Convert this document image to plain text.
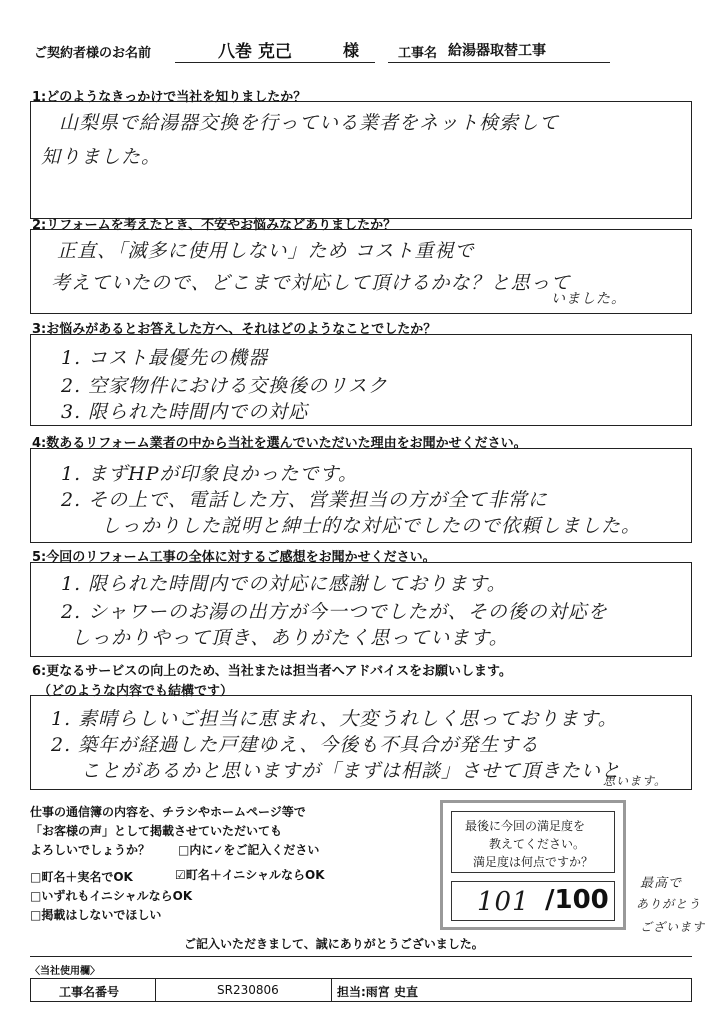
ご契約者様のお名前	八巻 克己	様	工事名 給湯器取替工事
1:どのようなきっかけで当社を知りましたか？
山梨県で給湯器交換を行っている業者をネット検索して
知りました。
2:リフォームを考えたとき、不安やお悩みなどありましたか？
正直、「滅多に使用しない」ため コスト重視で
考えていたので、どこまで対応して頂けるかな？と思って
いました。
3:お悩みがあるとお答えした方へ、それはどのようなことでしたか？
1. コスト最優先の機器
2. 空家物件における交換後のリスク
3. 限られた時間内での対応
4:数あるリフォーム業者の中から当社を選んでいただいた理由をお聞かせください。
1. まずHPが印象良かったです。
2. その上で、電話した方、営業担当の方が全て非常に
しっかりした説明と紳士的な対応でしたので依頼しました。
5:今回のリフォーム工事の全体に対するご感想をお聞かせください。
1. 限られた時間内での対応に感謝しております。
2. シャワーのお湯の出方が今一つでしたが、その後の対応を
しっかりやって頂き、ありがたく思っています。
6:更なるサービスの向上のため、当社または担当者へアドバイスをお願いします。
（どのような内容でも結構です）
1. 素晴らしいご担当に恵まれ、大変うれしく思っております。
2. 築年が経過した戸建ゆえ、今後も不具合が発生する
ことがあるかと思いますが「まずは相談」させて頂きたいと
思います。
仕事の通信簿の内容を、チラシやホームページ等で
「お客様の声」として掲載させていただいても
よろしいでしょうか？ □内に✓をご記入ください
□町名＋実名でOK	☑町名＋イニシャルならOK
□いずれもイニシャルならOK
□掲載はしないでほしい
最後に今回の満足度を
教えてください。
満足度は何点ですか？
101 /100
最高で
ありがとう
ございます
ご記入いただきまして、誠にありがとうございました。
〈当社使用欄〉
工事名番号	SR230806	担当:雨宮 史直
